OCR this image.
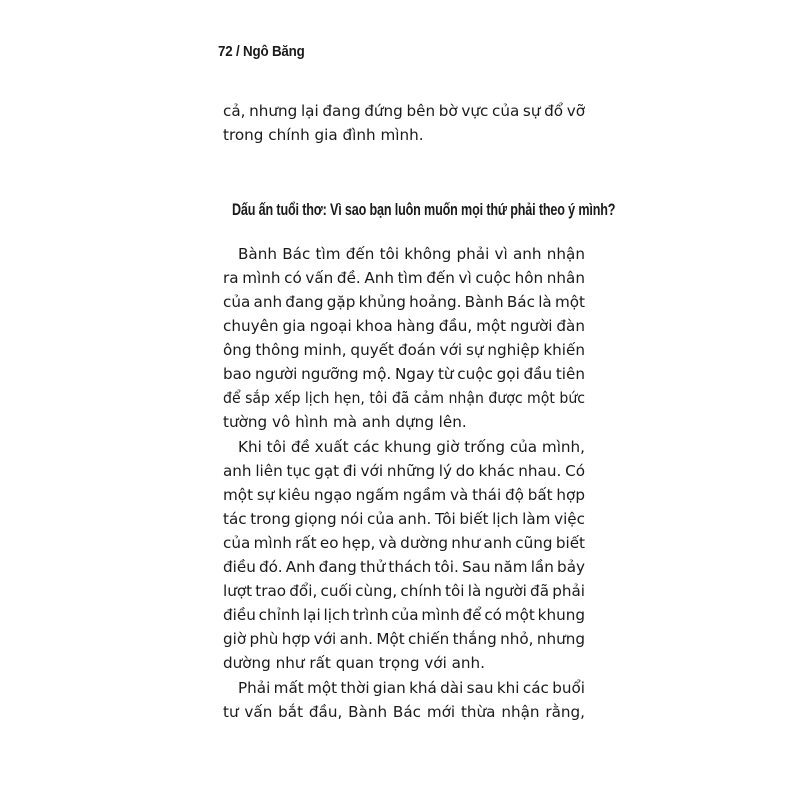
72 / Ngô Băng
cả, nhưng lại đang đứng bên bờ vực của sự đổ vỡ
trong chính gia đình mình.
Dấu ấn tuổi thơ: Vì sao bạn luôn muốn mọi thứ phải theo ý mình?
Bành Bác tìm đến tôi không phải vì anh nhận
ra mình có vấn đề. Anh tìm đến vì cuộc hôn nhân
của anh đang gặp khủng hoảng. Bành Bác là một
chuyên gia ngoại khoa hàng đầu, một người đàn
ông thông minh, quyết đoán với sự nghiệp khiến
bao người ngưỡng mộ. Ngay từ cuộc gọi đầu tiên
để sắp xếp lịch hẹn, tôi đã cảm nhận được một bức
tường vô hình mà anh dựng lên.
Khi tôi đề xuất các khung giờ trống của mình,
anh liên tục gạt đi với những lý do khác nhau. Có
một sự kiêu ngạo ngấm ngầm và thái độ bất hợp
tác trong giọng nói của anh. Tôi biết lịch làm việc
của mình rất eo hẹp, và dường như anh cũng biết
điều đó. Anh đang thử thách tôi. Sau năm lần bảy
lượt trao đổi, cuối cùng, chính tôi là người đã phải
điều chỉnh lại lịch trình của mình để có một khung
giờ phù hợp với anh. Một chiến thắng nhỏ, nhưng
dường như rất quan trọng với anh.
Phải mất một thời gian khá dài sau khi các buổi
tư vấn bắt đầu, Bành Bác mới thừa nhận rằng,
